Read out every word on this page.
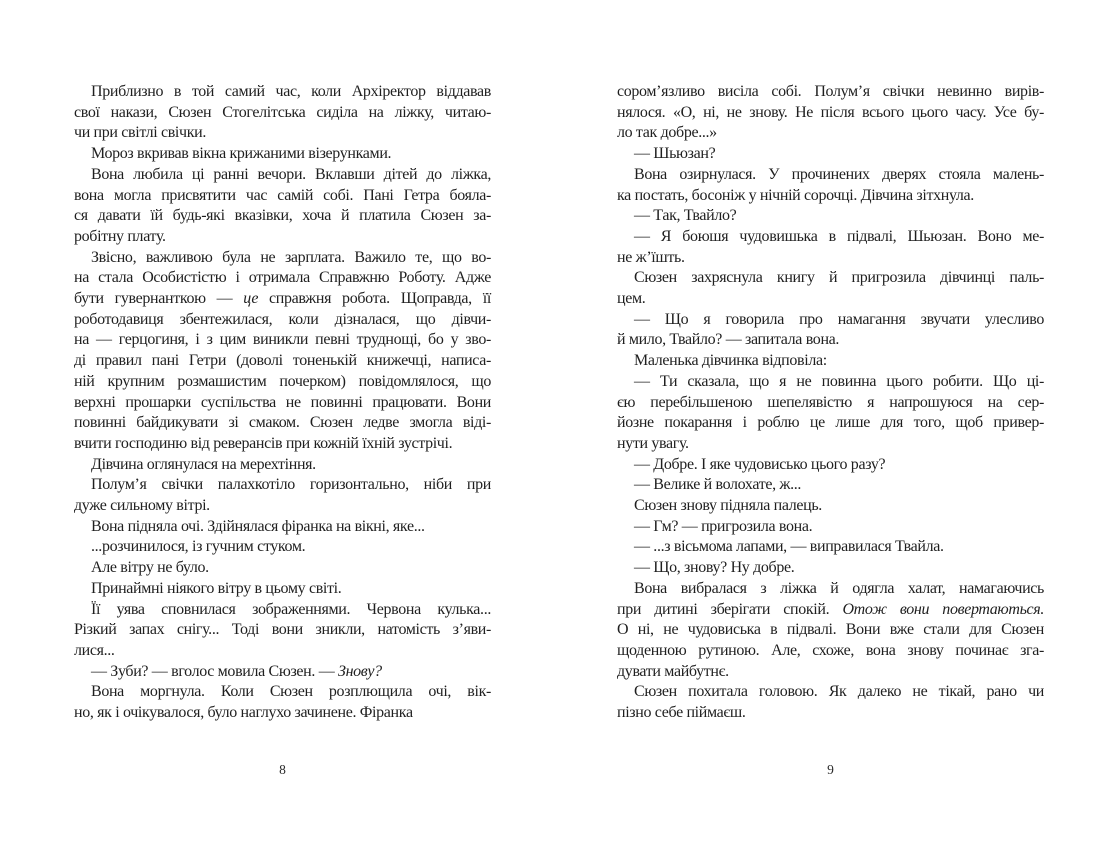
Приблизно в той самий час, коли Архіректор віддавав
свої накази, Сюзен Стогелітська сиділа на ліжку, читаю-
чи при світлі свічки.
Мороз вкривав вікна крижаними візерунками.
Вона любила ці ранні вечори. Вклавши дітей до ліжка,
вона могла присвятити час самій собі. Пані Гетра бояла-
ся давати їй будь-які вказівки, хоча й платила Сюзен за-
робітну плату.
Звісно, важливою була не зарплата. Важило те, що во-
на стала Особистістю і отримала Справжню Роботу. Адже
бути гувернанткою — це справжня робота. Щоправда, її
роботодавиця збентежилася, коли дізналася, що дівчи-
на — герцогиня, і з цим виникли певні труднощі, бо у зво-
ді правил пані Гетри (доволі тоненькій книжечці, написа-
ній крупним розмашистим почерком) повідомлялося, що
верхні прошарки суспільства не повинні працювати. Вони
повинні байдикувати зі смаком. Сюзен ледве змогла віді-
вчити господиню від реверансів при кожній їхній зустрічі.
Дівчина оглянулася на мерехтіння.
Полум’я свічки палахкотіло горизонтально, ніби при
дуже сильному вітрі.
Вона підняла очі. Здійнялася фіранка на вікні, яке...
...розчинилося, із гучним стуком.
Але вітру не було.
Принаймні ніякого вітру в цьому світі.
Її уява сповнилася зображеннями. Червона кулька...
Різкий запах снігу... Тоді вони зникли, натомість з’яви-
лися...
— Зуби? — вголос мовила Сюзен. — Знову?
Вона моргнула. Коли Сюзен розплющила очі, вік-
но, як і очікувалося, було наглухо зачинене. Фіранка
8
сором’язливо висіла собі. Полум’я свічки невинно вирів-
нялося. «О, ні, не знову. Не після всього цього часу. Усе бу-
ло так добре...»
— Шьюзан?
Вона озирнулася. У прочинених дверях стояла малень-
ка постать, босоніж у нічній сорочці. Дівчина зітхнула.
— Так, Твайло?
— Я боюшя чудовишька в підвалі, Шьюзан. Воно ме-
не ж’їшть.
Сюзен захряснула книгу й пригрозила дівчинці паль-
цем.
— Що я говорила про намагання звучати улесливо
й мило, Твайло? — запитала вона.
Маленька дівчинка відповіла:
— Ти сказала, що я не повинна цього робити. Що ці-
єю перебільшеною шепелявістю я напрошуюся на сер-
йозне покарання і роблю це лише для того, щоб привер-
нути увагу.
— Добре. І яке чудовисько цього разу?
— Велике й волохате, ж...
Сюзен знову підняла палець.
— Гм? — пригрозила вона.
— ...з вісьмома лапами, — виправилася Твайла.
— Що, знову? Ну добре.
Вона вибралася з ліжка й одягла халат, намагаючись
при дитині зберігати спокій. Отож вони повертаються.
О ні, не чудовиська в підвалі. Вони вже стали для Сюзен
щоденною рутиною. Але, схоже, вона знову починає зга-
дувати майбутнє.
Сюзен похитала головою. Як далеко не тікай, рано чи
пізно себе піймаєш.
9
